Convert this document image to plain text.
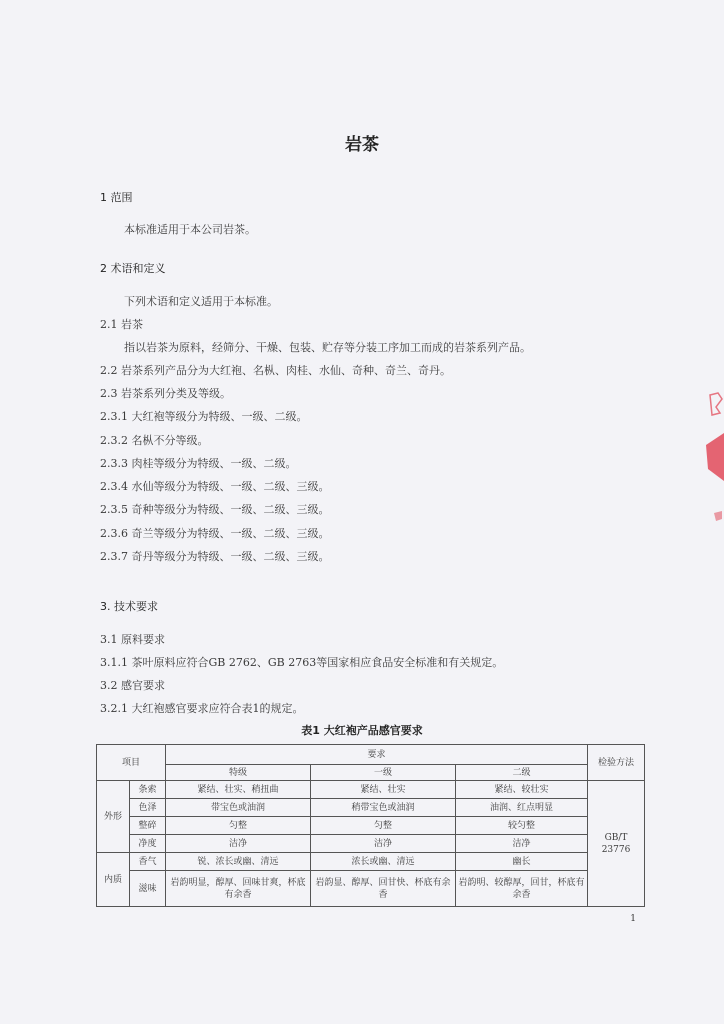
岩茶
1 范围
本标准适用于本公司岩茶。
2 术语和定义
下列术语和定义适用于本标准。
2.1 岩茶
指以岩茶为原料，经筛分、干燥、包装、贮存等分装工序加工而成的岩茶系列产品。
2.2 岩茶系列产品分为大红袍、名枞、肉桂、水仙、奇种、奇兰、奇丹。
2.3 岩茶系列分类及等级。
2.3.1 大红袍等级分为特级、一级、二级。
2.3.2 名枞不分等级。
2.3.3 肉桂等级分为特级、一级、二级。
2.3.4 水仙等级分为特级、一级、二级、三级。
2.3.5 奇种等级分为特级、一级、二级、三级。
2.3.6 奇兰等级分为特级、一级、二级、三级。
2.3.7 奇丹等级分为特级、一级、二级、三级。
3. 技术要求
3.1 原料要求
3.1.1 茶叶原料应符合GB 2762、GB 2763等国家相应食品安全标准和有关规定。
3.2 感官要求
3.2.1 大红袍感官要求应符合表1的规定。
表1 大红袍产品感官要求
项目		要求			检验方法
		特级	一级	二级	
外形	条索	紧结、壮实、稍扭曲	紧结、壮实	紧结、较壮实	GB/T 23776
	色泽	带宝色或油润	稍带宝色或油润	油润、红点明显	
	整碎	匀整	匀整	较匀整	
	净度	洁净	洁净	洁净	
内质	香气	锐、浓长或幽、清远	浓长或幽、清远	幽长	
	滋味	岩韵明显，醇厚、回味甘爽，杯底有余香	岩韵显、醇厚、回甘快、杯底有余香	岩韵明、较醇厚，回甘，杯底有余香	
1
